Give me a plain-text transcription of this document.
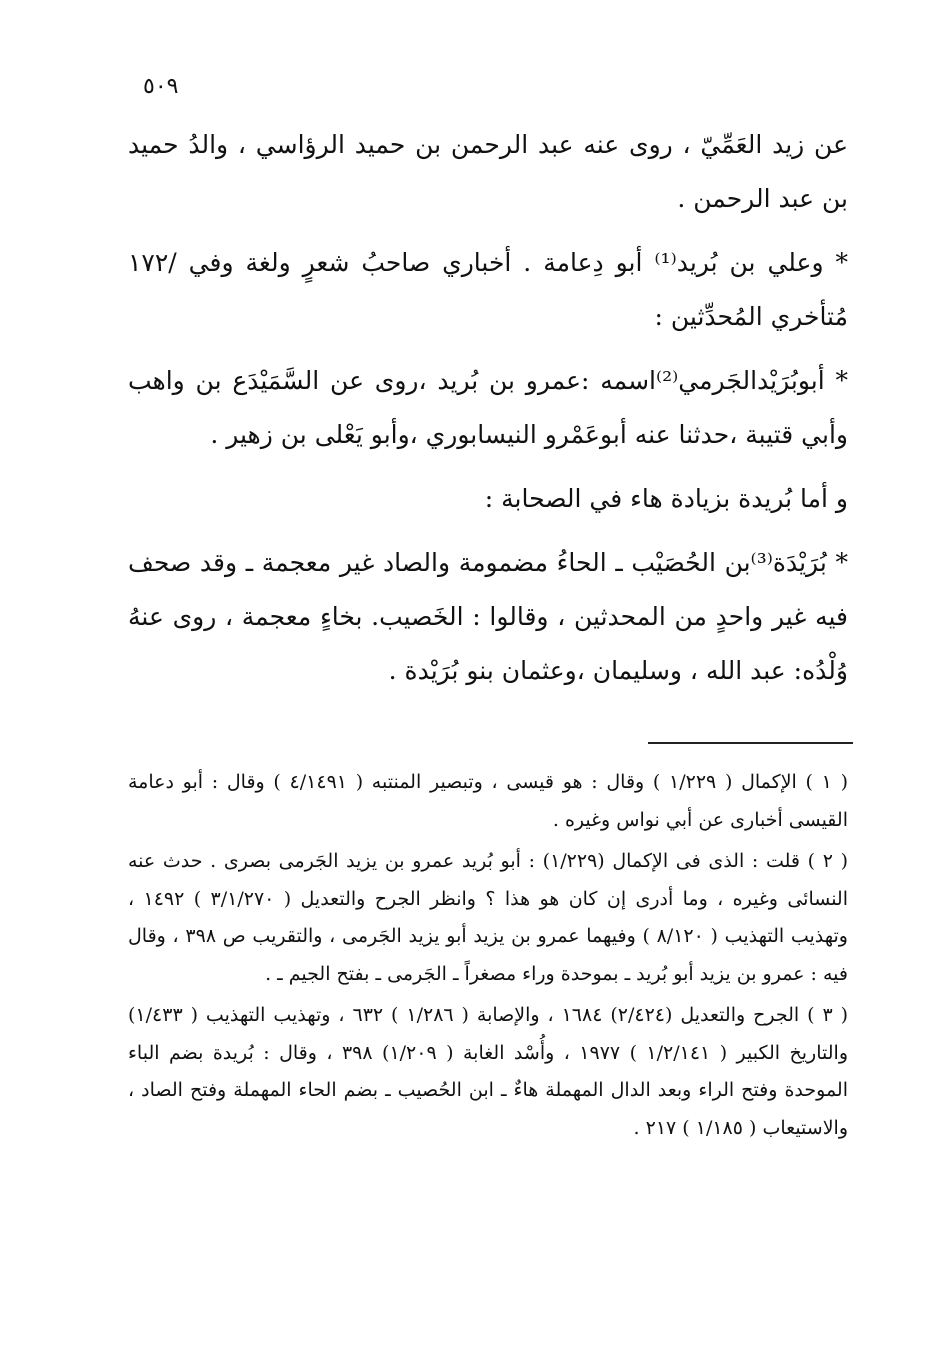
٥٠٩

عن زيد العَمِّيّ ، روى عنه عبد الرحمن بن حميد الرؤاسي ، والدُ حميد بن عبد الرحمن .

* وعلي بن بُريد⁽¹⁾ أبو دِعامة . أخباري صاحبُ شعرٍ ولغة وفي /١٧٢ مُتأخري المُحدِّثين :

* أبوبُرَيْدالجَرمي⁽²⁾اسمه :عمرو بن بُريد ،روى عن السَّمَيْدَع بن واهب وأبي قتيبة ،حدثنا عنه أبوعَمْرو النيسابوري ،وأبو يَعْلى بن زهير .

و أما بُريدة بزيادة هاء في الصحابة :

* بُرَيْدَة⁽³⁾بن الحُصَيْب ـ الحاءُ مضمومة والصاد غير معجمة ـ وقد صحف فيه غير واحدٍ من المحدثين ، وقالوا : الخَصيب. بخاءٍ معجمة ، روى عنهُ وُلْدُه: عبد الله ، وسليمان ،وعثمان بنو بُرَيْدة .

( ١ ) الإكمال ( ١/٢٢٩ ) وقال : هو قيسى ، وتبصير المنتبه ( ٤/١٤٩١ ) وقال : أبو دعامة القيسى أخبارى عن أبي نواس وغيره .

( ٢ ) قلت : الذى فى الإكمال (١/٢٢٩) : أبو بُريد عمرو بن يزيد الجَرمى بصرى . حدث عنه النسائى وغيره ، وما أدرى إن كان هو هذا ؟ وانظر الجرح والتعديل ( ٣/١/٢٧٠ ) ١٤٩٢ ، وتهذيب التهذيب ( ٨/١٢٠ ) وفيهما عمرو بن يزيد أبو يزيد الجَرمى ، والتقريب ص ٣٩٨ ، وقال فيه : عمرو بن يزيد أبو بُريد ـ بموحدة وراء مصغراً ـ الجَرمى ـ بفتح الجيم ـ .

( ٣ ) الجرح والتعديل (٢/٤٢٤) ١٦٨٤ ، والإصابة ( ١/٢٨٦ ) ٦٣٢ ، وتهذيب التهذيب ( ١/٤٣٣) والتاريخ الكبير ( ١/٢/١٤١ ) ١٩٧٧ ، وأُسْد الغابة ( ١/٢٠٩) ٣٩٨ ، وقال : بُريدة بضم الباء الموحدة وفتح الراء وبعد الدال المهملة هاءٌ ـ ابن الحُصيب ـ بضم الحاء المهملة وفتح الصاد ، والاستيعاب ( ١/١٨٥ ) ٢١٧ .
